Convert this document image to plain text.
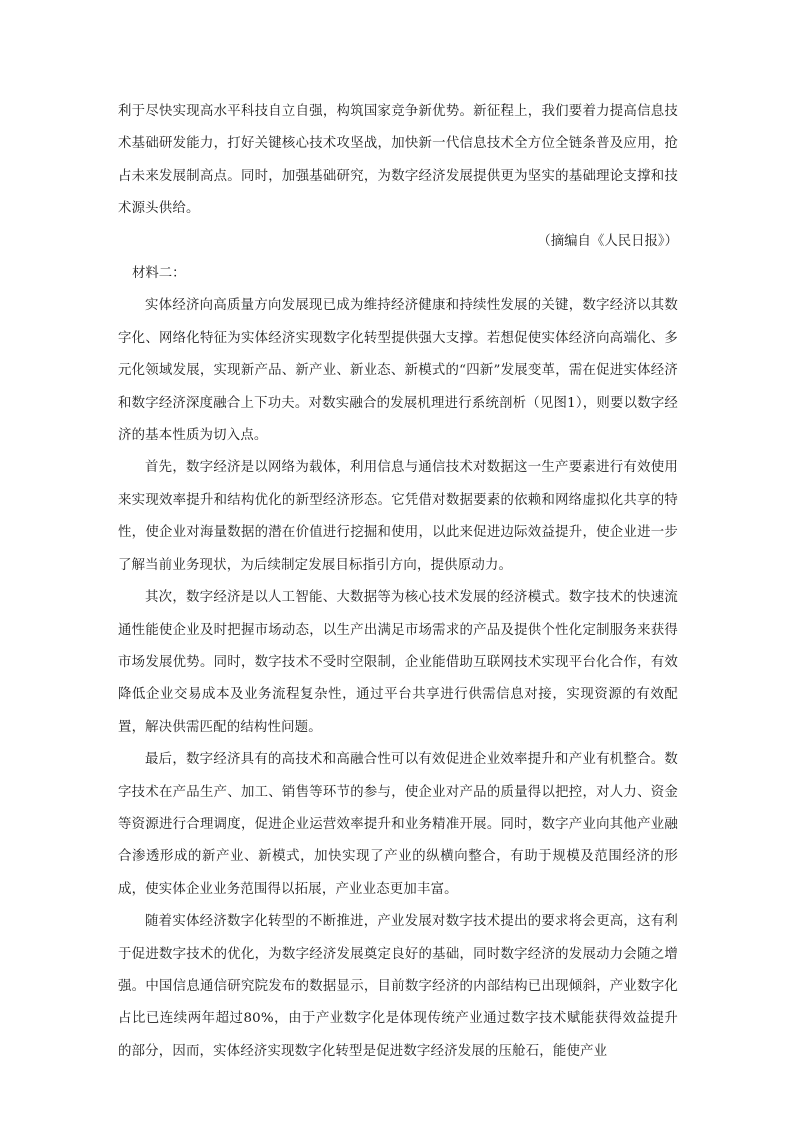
利于尽快实现高水平科技自立自强，构筑国家竞争新优势。新征程上，我们要着力提高信息技术基础研发能力，打好关键核心技术攻坚战，加快新一代信息技术全方位全链条普及应用，抢占未来发展制高点。同时，加强基础研究，为数字经济发展提供更为坚实的基础理论支撑和技术源头供给。

（摘编自《人民日报》）

材料二：

实体经济向高质量方向发展现已成为维持经济健康和持续性发展的关键，数字经济以其数字化、网络化特征为实体经济实现数字化转型提供强大支撑。若想促使实体经济向高端化、多元化领域发展，实现新产品、新产业、新业态、新模式的“四新”发展变革，需在促进实体经济和数字经济深度融合上下功夫。对数实融合的发展机理进行系统剖析（见图1），则要以数字经济的基本性质为切入点。

首先，数字经济是以网络为载体，利用信息与通信技术对数据这一生产要素进行有效使用来实现效率提升和结构优化的新型经济形态。它凭借对数据要素的依赖和网络虚拟化共享的特性，使企业对海量数据的潜在价值进行挖掘和使用，以此来促进边际效益提升，使企业进一步了解当前业务现状，为后续制定发展目标指引方向，提供原动力。

其次，数字经济是以人工智能、大数据等为核心技术发展的经济模式。数字技术的快速流通性能使企业及时把握市场动态，以生产出满足市场需求的产品及提供个性化定制服务来获得市场发展优势。同时，数字技术不受时空限制，企业能借助互联网技术实现平台化合作，有效降低企业交易成本及业务流程复杂性，通过平台共享进行供需信息对接，实现资源的有效配置，解决供需匹配的结构性问题。

最后，数字经济具有的高技术和高融合性可以有效促进企业效率提升和产业有机整合。数字技术在产品生产、加工、销售等环节的参与，使企业对产品的质量得以把控，对人力、资金等资源进行合理调度，促进企业运营效率提升和业务精准开展。同时，数字产业向其他产业融合渗透形成的新产业、新模式，加快实现了产业的纵横向整合，有助于规模及范围经济的形成，使实体企业业务范围得以拓展，产业业态更加丰富。

随着实体经济数字化转型的不断推进，产业发展对数字技术提出的要求将会更高，这有利于促进数字技术的优化，为数字经济发展奠定良好的基础，同时数字经济的发展动力会随之增强。中国信息通信研究院发布的数据显示，目前数字经济的内部结构已出现倾斜，产业数字化占比已连续两年超过80%，由于产业数字化是体现传统产业通过数字技术赋能获得效益提升的部分，因而，实体经济实现数字化转型是促进数字经济发展的压舱石，能使产业
